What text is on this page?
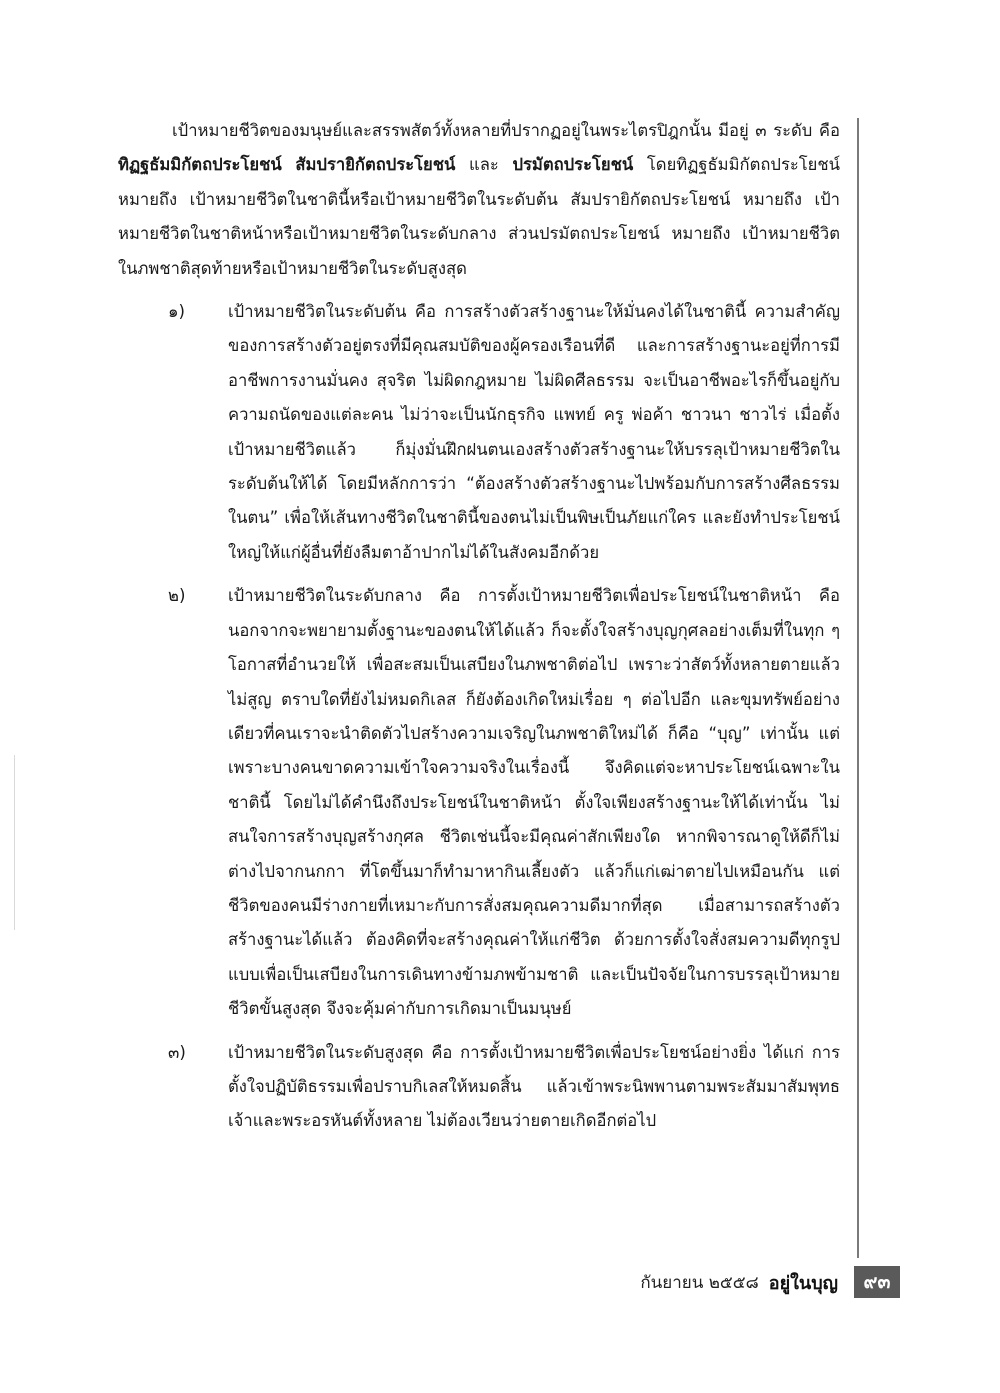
เป้าหมายชีวิตของมนุษย์และสรรพสัตว์ทั้งหลายที่ปรากฏอยู่ในพระไตรปิฎกนั้น มีอยู่ ๓ ระดับ คือ ทิฏฐธัมมิกัตถประโยชน์ สัมปรายิกัตถประโยชน์ และ ปรมัตถประโยชน์ โดยทิฏฐธัมมิกัตถประโยชน์ หมายถึง เป้าหมายชีวิตในชาตินี้หรือเป้าหมายชีวิตในระดับต้น สัมปรายิกัตถประโยชน์ หมายถึง เป้าหมายชีวิตในชาติหน้าหรือเป้าหมายชีวิตในระดับกลาง ส่วนปรมัตถประโยชน์ หมายถึง เป้าหมายชีวิตในภพชาติสุดท้ายหรือเป้าหมายชีวิตในระดับสูงสุด

๑)	เป้าหมายชีวิตในระดับต้น คือ การสร้างตัวสร้างฐานะให้มั่นคงได้ในชาตินี้ ความสำคัญของการสร้างตัวอยู่ตรงที่มีคุณสมบัติของผู้ครองเรือนที่ดี และการสร้างฐานะอยู่ที่การมีอาชีพการงานมั่นคง สุจริต ไม่ผิดกฎหมาย ไม่ผิดศีลธรรม จะเป็นอาชีพอะไรก็ขึ้นอยู่กับความถนัดของแต่ละคน ไม่ว่าจะเป็นนักธุรกิจ แพทย์ ครู พ่อค้า ชาวนา ชาวไร่ เมื่อตั้งเป้าหมายชีวิตแล้ว ก็มุ่งมั่นฝึกฝนตนเองสร้างตัวสร้างฐานะให้บรรลุเป้าหมายชีวิตในระดับต้นให้ได้ โดยมีหลักการว่า “ต้องสร้างตัวสร้างฐานะไปพร้อมกับการสร้างศีลธรรมในตน” เพื่อให้เส้นทางชีวิตในชาตินี้ของตนไม่เป็นพิษเป็นภัยแก่ใคร และยังทำประโยชน์ใหญ่ให้แก่ผู้อื่นที่ยังลืมตาอ้าปากไม่ได้ในสังคมอีกด้วย
๒)	เป้าหมายชีวิตในระดับกลาง คือ การตั้งเป้าหมายชีวิตเพื่อประโยชน์ในชาติหน้า คือ นอกจากจะพยายามตั้งฐานะของตนให้ได้แล้ว ก็จะตั้งใจสร้างบุญกุศลอย่างเต็มที่ในทุก ๆ โอกาสที่อำนวยให้ เพื่อสะสมเป็นเสบียงในภพชาติต่อไป เพราะว่าสัตว์ทั้งหลายตายแล้วไม่สูญ ตราบใดที่ยังไม่หมดกิเลส ก็ยังต้องเกิดใหม่เรื่อย ๆ ต่อไปอีก และขุมทรัพย์อย่างเดียวที่คนเราจะนำติดตัวไปสร้างความเจริญในภพชาติใหม่ได้ ก็คือ “บุญ” เท่านั้น แต่เพราะบางคนขาดความเข้าใจความจริงในเรื่องนี้ จึงคิดแต่จะหาประโยชน์เฉพาะในชาตินี้ โดยไม่ได้คำนึงถึงประโยชน์ในชาติหน้า ตั้งใจเพียงสร้างฐานะให้ได้เท่านั้น ไม่สนใจการสร้างบุญสร้างกุศล ชีวิตเช่นนี้จะมีคุณค่าสักเพียงใด หากพิจารณาดูให้ดีก็ไม่ต่างไปจากนกกา ที่โตขึ้นมาก็ทำมาหากินเลี้ยงตัว แล้วก็แก่เฒ่าตายไปเหมือนกัน แต่ชีวิตของคนมีร่างกายที่เหมาะกับการสั่งสมคุณความดีมากที่สุด เมื่อสามารถสร้างตัวสร้างฐานะได้แล้ว ต้องคิดที่จะสร้างคุณค่าให้แก่ชีวิต ด้วยการตั้งใจสั่งสมความดีทุกรูปแบบเพื่อเป็นเสบียงในการเดินทางข้ามภพข้ามชาติ และเป็นปัจจัยในการบรรลุเป้าหมายชีวิตขั้นสูงสุด จึงจะคุ้มค่ากับการเกิดมาเป็นมนุษย์
๓)	เป้าหมายชีวิตในระดับสูงสุด คือ การตั้งเป้าหมายชีวิตเพื่อประโยชน์อย่างยิ่ง ได้แก่ การตั้งใจปฏิบัติธรรมเพื่อปราบกิเลสให้หมดสิ้น แล้วเข้าพระนิพพานตามพระสัมมาสัมพุทธเจ้าและพระอรหันต์ทั้งหลาย ไม่ต้องเวียนว่ายตายเกิดอีกต่อไป
กันยายน ๒๕๕๘ อยู่ในบุญ	๙๓
